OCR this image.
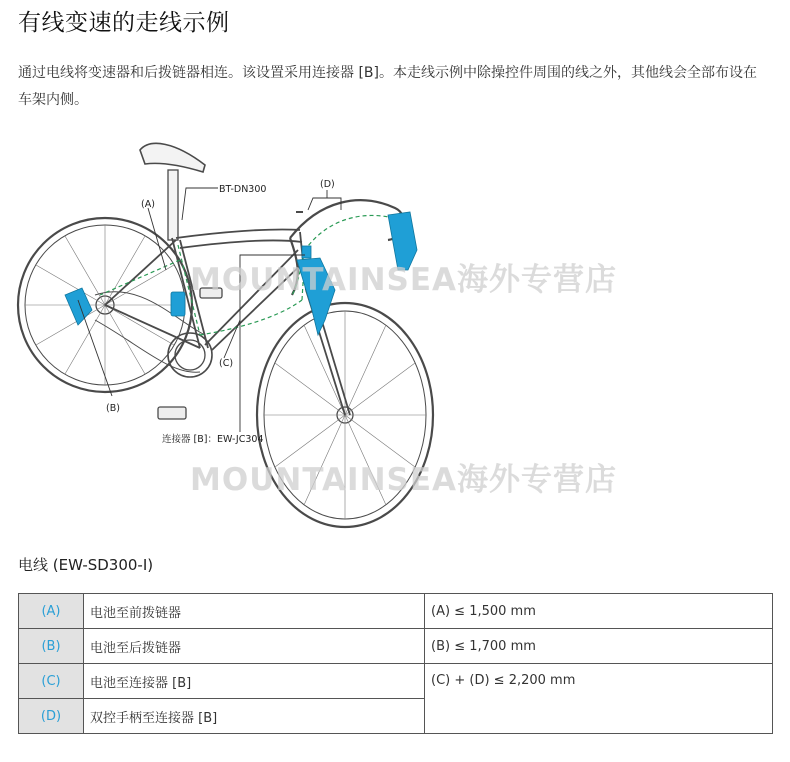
有线变速的走线示例

通过电线将变速器和后拨链器相连。该设置采用连接器 [B]。本走线示例中除操控件周围的线之外，其他线会全部布设在车架内侧。

BT-DN300
(A)
(D)
(C)
(B)
连接器 [B]：EW-JC304
MOUNTAINSEA海外专营店
MOUNTAINSEA海外专营店
电线 (EW-SD300-I)
(A)	电池至前拨链器	(A) ≤ 1,500 mm
(B)	电池至后拨链器	(B) ≤ 1,700 mm
(C)	电池至连接器 [B]	(C) + (D) ≤ 2,200 mm
(D)	双控手柄至连接器 [B]	
